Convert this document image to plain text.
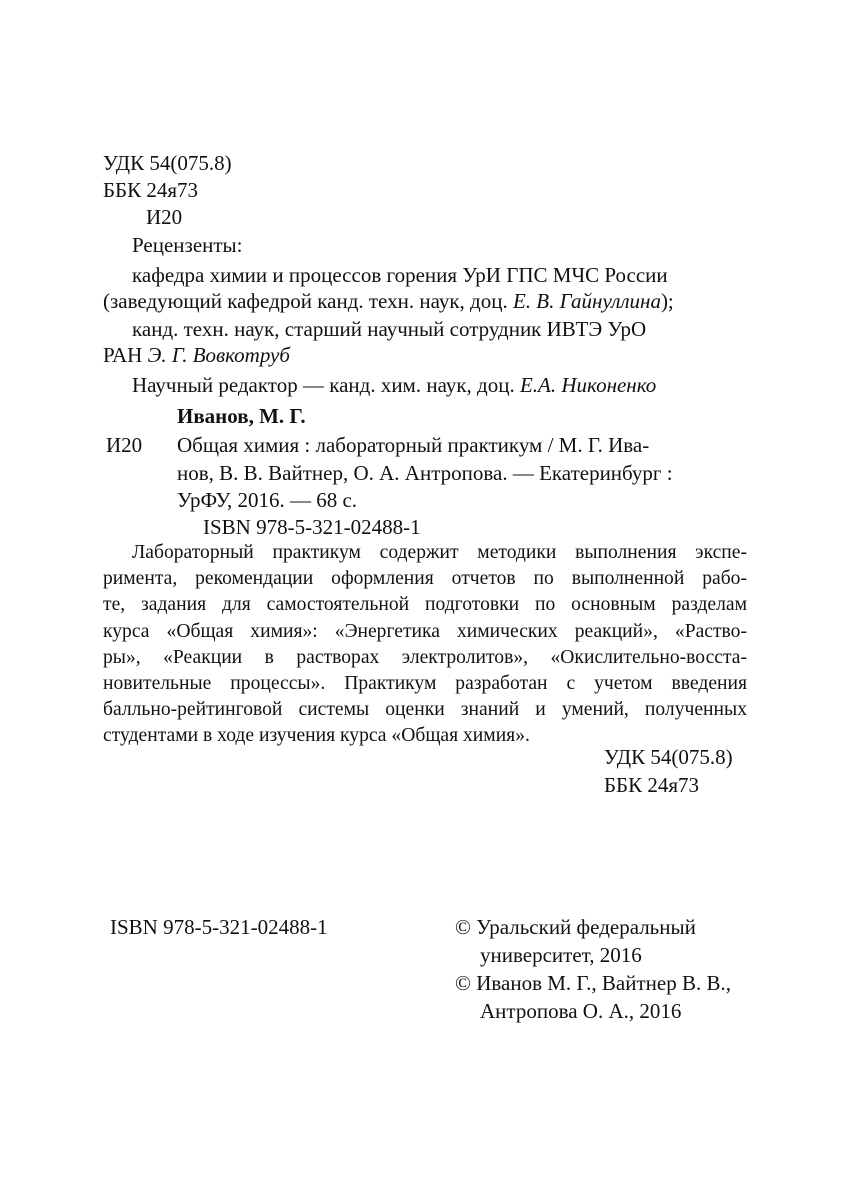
УДК 54(075.8)
ББК 24я73
И20
Рецензенты:
кафедра химии и процессов горения УрИ ГПС МЧС России
(заведующий кафедрой канд. техн. наук, доц. Е. В. Гайнуллина);
канд. техн. наук, старший научный сотрудник ИВТЭ УрО
РАН Э. Г. Вовкотруб
Научный редактор — канд. хим. наук, доц. Е.А. Никоненко
Иванов, М. Г.
И20 Общая химия : лабораторный практикум / М. Г. Ива-
нов, В. В. Вайтнер, О. А. Антропова. — Екатеринбург :
УрФУ, 2016. — 68 с.
ISBN 978-5-321-02488-1
Лабораторный практикум содержит методики выполнения экспе-
римента, рекомендации оформления отчетов по выполненной рабо-
те, задания для самостоятельной подготовки по основным разделам
курса «Общая химия»: «Энергетика химических реакций», «Раство-
ры», «Реакции в растворах электролитов», «Окислительно-восста-
новительные процессы». Практикум разработан с учетом введения
балльно-рейтинговой системы оценки знаний и умений, полученных
студентами в ходе изучения курса «Общая химия».
УДК 54(075.8)
ББК 24я73
ISBN 978-5-321-02488-1	© Уральский федеральный
университет, 2016
© Иванов М. Г., Вайтнер В. В.,
Антропова О. А., 2016
